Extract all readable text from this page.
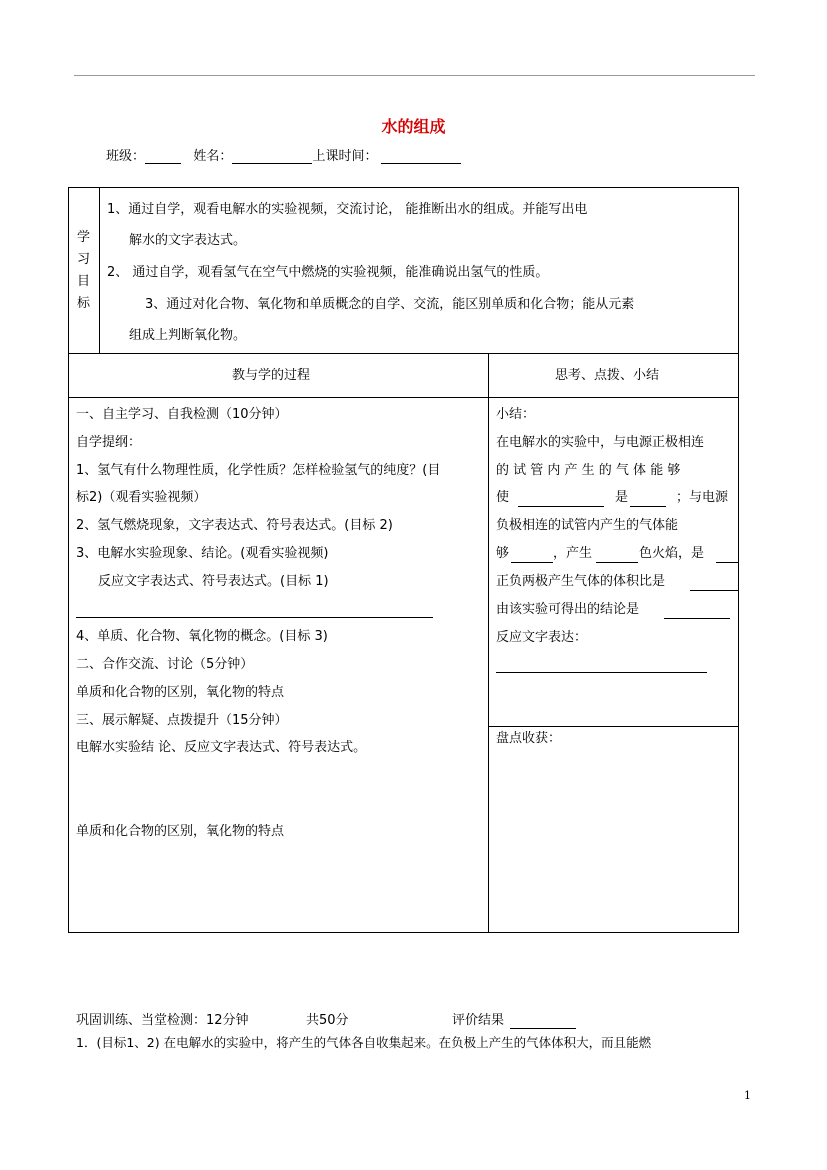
水的组成
班级：	姓名：	上课时间：
学
习
目
标
1、通过自学，观看电解水的实验视频，交流讨论， 能推断出水的组成。并能写出电
解水的文字表达式。
2、 通过自学，观看氢气在空气中燃烧的实验视频，能准确说出氢气的性质。
3、通过对化合物、氧化物和单质概念的自学、交流，能区别单质和化合物；能从元素
组成上判断氧化物。
教与学的过程	思考、点拨、小结
一、自主学习、自我检测（10分钟）
自学提纲：
1、氢气有什么物理性质，化学性质？怎样检验氢气的纯度？(目
标2)（观看实验视频）
2、氢气燃烧现象，文字表达式、符号表达式。(目标 2)
3、电解水实验现象、结论。(观看实验视频)
反应文字表达式、符号表达式。(目标 1)
4、单质、化合物、氧化物的概念。(目标 3)
二、合作交流、讨论（5分钟）
单质和化合物的区别，氧化物的特点
三、展示解疑、点拨提升（15分钟）
电解水实验结 论、反应文字表达式、符号表达式。
单质和化合物的区别，氧化物的特点
小结：
在电解水的实验中，与电源正极相连
的 试 管 内 产 生 的 气 体 能 够
使	是	；与电源
负极相连的试管内产生的气体能
够	，产生	色火焰，是
正负两极产生气体的体积比是
由该实验可得出的结论是
反应文字表达：
盘点收获：
巩固训练、当堂检测：12分钟	共50分	评价结果
1．(目标1、2) 在电解水的实验中，将产生的气体各自收集起来。在负极上产生的气体体积大，而且能燃
1
